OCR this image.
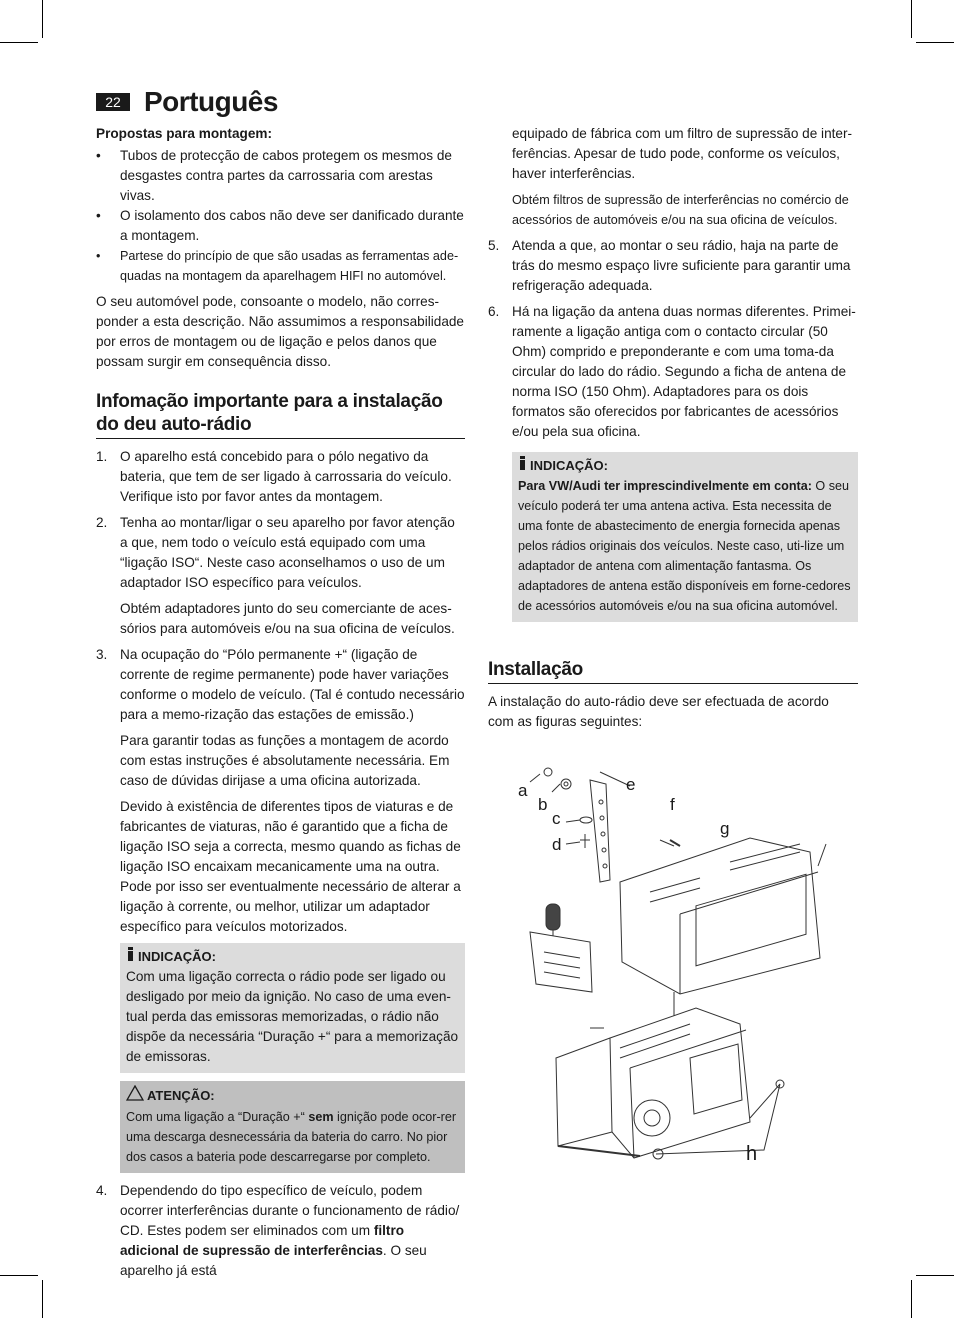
22 Português

Propostas para montagem:

• Tubos de protecção de cabos protegem os mesmos de desgastes contra partes da carrossaria com arestas vivas.
• O isolamento dos cabos não deve ser danificado durante a montagem.
• Partese do princípio de que são usadas as ferramentas ade-quadas na montagem da aparelhagem HIFI no automóvel.

O seu automóvel pode, consoante o modelo, não corres-ponder a esta descrição. Não assumimos a responsabilidade por erros de montagem ou de ligação e pelos danos que possam surgir em consequência disso.

Infomação importante para a instalação do deu auto-rádio
1. O aparelho está concebido para o pólo negativo da bateria, que tem de ser ligado à carrossaria do veículo. Verifique isto por favor antes da montagem.
2. Tenha ao montar/ligar o seu aparelho por favor atenção a que, nem todo o veículo está equipado com uma “ligação ISO“. Neste caso aconselhamos o uso de um adaptador ISO específico para veículos.

Obtém adaptadores junto do seu comerciante de aces-sórios para automóveis e/ou na sua oficina de veículos.

3. Na ocupação do “Pólo permanente +“ (ligação de corrente de regime permanente) pode haver variações conforme o modelo de veículo. (Tal é contudo necessário para a memo-rização das estações de emissão.)

Para garantir todas as funções a montagem de acordo com estas instruções é absolutamente necessária. Em caso de dúvidas dirijase a uma oficina autorizada.

Devido à existência de diferentes tipos de viaturas e de fabricantes de viaturas, não é garantido que a ficha de ligação ISO seja a correcta, mesmo quando as fichas de ligação ISO encaixam mecanicamente uma na outra. Pode por isso ser eventualmente necessário de alterar a ligação à corrente, ou melhor, utilizar um adaptador específico para veículos motorizados.

INDICAÇÃO:
Com uma ligação correcta o rádio pode ser ligado ou desligado por meio da ignição. No caso de uma even-tual perda das emissoras memorizadas, o rádio não dispõe da necessária “Duração +“ para a memorização de emissoras.
ATENÇÃO:
Com uma ligação a “Duração +“ sem ignição pode ocor-rer uma descarga desnecessária da bateria do carro. No pior dos casos a bateria pode descarregarse por completo.
4. Dependendo do tipo específico de veículo, podem ocorrer interferências durante o funcionamento de rádio/ CD. Estes podem ser eliminados com um filtro adicional de supressão de interferências. O seu aparelho já está

equipado de fábrica com um filtro de supressão de inter-ferências. Apesar de tudo pode, conforme os veículos, haver interferências.

Obtém filtros de supressão de interferências no comércio de acessórios de automóveis e/ou na sua oficina de veículos.

5. Atenda a que, ao montar o seu rádio, haja na parte de trás do mesmo espaço livre suficiente para garantir uma refrigeração adequada.
6. Há na ligação da antena duas normas diferentes. Primei-ramente a ligação antiga com o contacto circular (50 Ohm) comprido e preponderante e com uma toma-da circular do lado do rádio. Segundo a ficha de antena de norma ISO (150 Ohm). Adaptadores para os dois formatos são oferecidos por fabricantes de acessórios e/ou pela sua oficina.
INDICAÇÃO:
Para VW/Audi ter imprescindivelmente em conta: O seu veículo poderá ter uma antena activa. Esta necessita de uma fonte de abastecimento de energia fornecida apenas pelos rádios originais dos veículos. Neste caso, uti-lize um adaptador de antena com alimentação fantasma. Os adaptadores de antena estão disponíveis em forne-cedores de acessórios automóveis e/ou na sua oficina automóvel.
Installação

A instalação do auto-rádio deve ser efectuada de acordo com as figuras seguintes:

a
b
c
d
e
f
g
h
